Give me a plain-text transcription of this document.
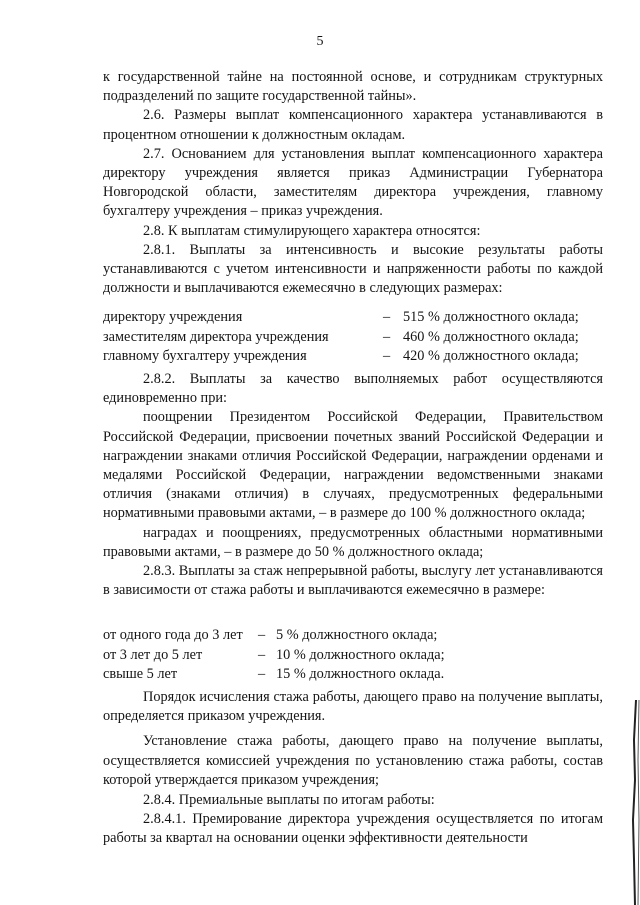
5

к государственной тайне на постоянной основе, и сотрудникам структурных подразделений по защите государственной тайны».

2.6. Размеры выплат компенсационного характера устанавливаются в процентном отношении к должностным окладам.

2.7. Основанием для установления выплат компенсационного характера директору учреждения является приказ Администрации Губернатора Новгородской области, заместителям директора учреждения, главному бухгалтеру учреждения – приказ учреждения.

2.8. К выплатам стимулирующего характера относятся:

2.8.1. Выплаты за интенсивность и высокие результаты работы устанавливаются с учетом интенсивности и напряженности работы по каждой должности и выплачиваются ежемесячно в следующих размерах:

директору учреждения	–	515 % должностного оклада;
заместителям директора учреждения	–	460 % должностного оклада;
главному бухгалтеру учреждения	–	420 % должностного оклада;

2.8.2. Выплаты за качество выполняемых работ осуществляются единовременно при:

поощрении Президентом Российской Федерации, Правительством Российской Федерации, присвоении почетных званий Российской Федерации и награждении знаками отличия Российской Федерации, награждении орденами и медалями Российской Федерации, награждении ведомственными знаками отличия (знаками отличия) в случаях, предусмотренных федеральными нормативными правовыми актами, – в размере до 100 % должностного оклада;

наградах и поощрениях, предусмотренных областными нормативными правовыми актами, – в размере до 50 % должностного оклада;

2.8.3. Выплаты за стаж непрерывной работы, выслугу лет устанавливаются в зависимости от стажа работы и выплачиваются ежемесячно в размере:

от одного года до 3 лет	–	5 % должностного оклада;
от 3 лет до 5 лет	–	10 % должностного оклада;
свыше 5 лет	–	15 % должностного оклада.

Порядок исчисления стажа работы, дающего право на получение выплаты, определяется приказом учреждения.

Установление стажа работы, дающего право на получение выплаты, осуществляется комиссией учреждения по установлению стажа работы, состав которой утверждается приказом учреждения;

2.8.4. Премиальные выплаты по итогам работы:

2.8.4.1. Премирование директора учреждения осуществляется по итогам работы за квартал на основании оценки эффективности деятельности
